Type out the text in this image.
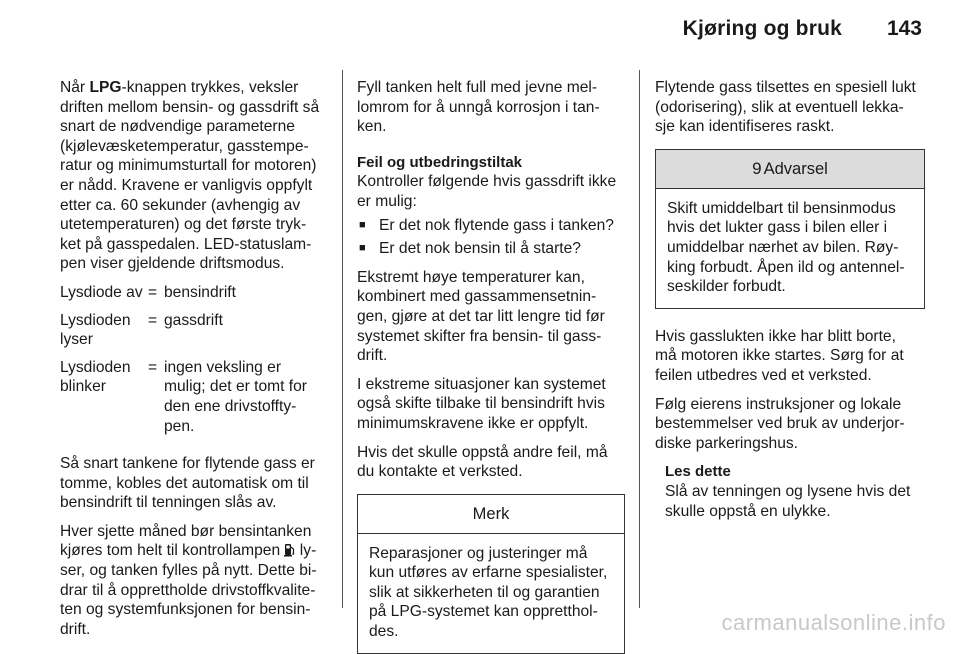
Kjøring og bruk 143

Når LPG-knappen trykkes, veksler
driften mellom bensin- og gassdrift så
snart de nødvendige parameterne
(kjølevæsketemperatur, gasstempe-
ratur og minimumsturtall for motoren)
er nådd. Kravene er vanligvis oppfylt
etter ca. 60 sekunder (avhengig av
utetemperaturen) og det første tryk-
ket på gasspedalen. LED-statuslam-
pen viser gjeldende driftsmodus.

Lysdiode av = bensindrift
Lysdioden
lyser
= gassdrift
Lysdioden
blinker
= ingen veksling er
mulig; det er tomt for
den ene drivstoffty-
pen.

Så snart tankene for flytende gass er
tomme, kobles det automatisk om til
bensindrift til tenningen slås av.

Hver sjette måned bør bensintanken
kjøres tom helt til kontrollampen  ly-
ser, og tanken fylles på nytt. Dette bi-
drar til å opprettholde drivstoffkvalite-
ten og systemfunksjonen for bensin-
drift.

Fyll tanken helt full med jevne mel-
lomrom for å unngå korrosjon i tan-
ken.

Feil og utbedringstiltak

Kontroller følgende hvis gassdrift ikke
er mulig:

■ Er det nok flytende gass i tanken?
■ Er det nok bensin til å starte?

Ekstremt høye temperaturer kan,
kombinert med gassammensetnin-
gen, gjøre at det tar litt lengre tid før
systemet skifter fra bensin- til gass-
drift.

I ekstreme situasjoner kan systemet
også skifte tilbake til bensindrift hvis
minimumskravene ikke er oppfylt.

Hvis det skulle oppstå andre feil, må
du kontakte et verksted.

Merk
Reparasjoner og justeringer må
kun utføres av erfarne spesialister,
slik at sikkerheten til og garantien
på LPG-systemet kan oppretthol-
des.

Flytende gass tilsettes en spesiell lukt
(odorisering), slik at eventuell lekka-
sje kan identifiseres raskt.

9 Advarsel
Skift umiddelbart til bensinmodus
hvis det lukter gass i bilen eller i
umiddelbar nærhet av bilen. Røy-
king forbudt. Åpen ild og antennel-
seskilder forbudt.

Hvis gasslukten ikke har blitt borte,
må motoren ikke startes. Sørg for at
feilen utbedres ved et verksted.

Følg eierens instruksjoner og lokale
bestemmelser ved bruk av underjor-
diske parkeringshus.

Les dette
Slå av tenningen og lysene hvis det
skulle oppstå en ulykke.
carmanualsonline.info
